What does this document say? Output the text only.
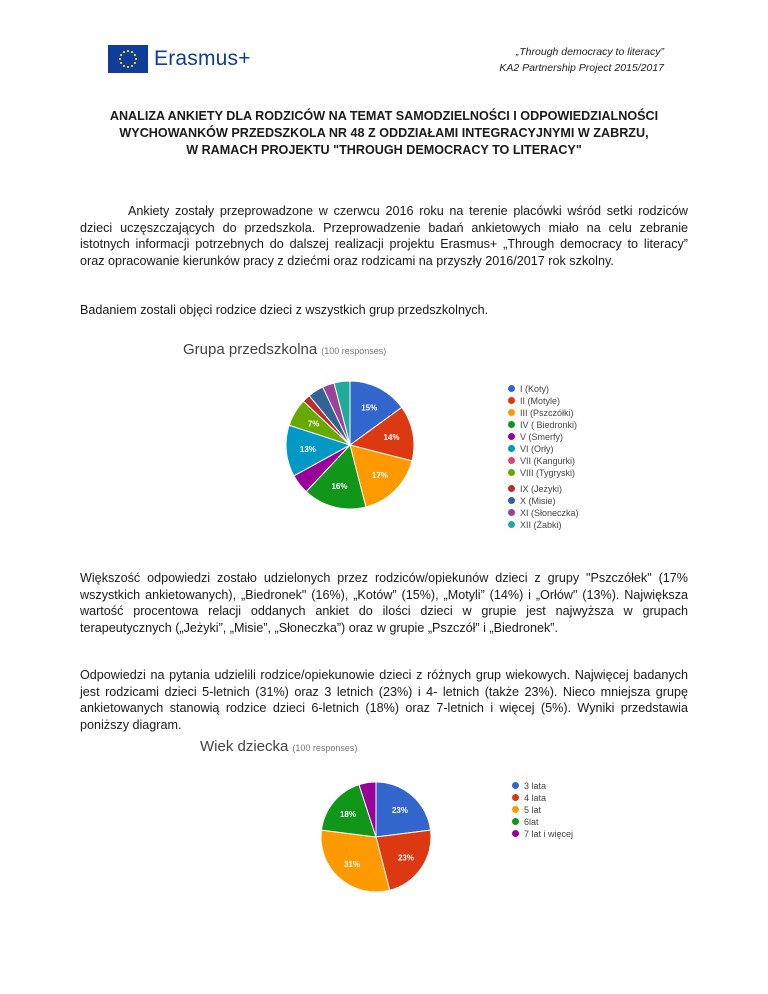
Erasmus+	„Through democracy to literacy”
KA2 Partnership Project 2015/2017
ANALIZA ANKIETY DLA RODZICÓW NA TEMAT SAMODZIELNOŚCI I ODPOWIEDZIALNOŚCI
WYCHOWANKÓW PRZEDSZKOLA NR 48 Z ODDZIAŁAMI INTEGRACYJNYMI W ZABRZU,
W RAMACH PROJEKTU "THROUGH DEMOCRACY TO LITERACY"
Ankiety zostały przeprowadzone w czerwcu 2016 roku na terenie placówki wśród setki rodziców dzieci uczęszczających do przedszkola. Przeprowadzenie badań ankietowych miało na celu zebranie istotnych informacji potrzebnych do dalszej realizacji projektu Erasmus+ „Through democracy to literacy” oraz opracowanie kierunków pracy z dziećmi oraz rodzicami na przyszły 2016/2017 rok szkolny.
Badaniem zostali objęci rodzice dzieci z wszystkich grup przedszkolnych.
Grupa przedszkolna (100 responses)
15%
14%
17%
16%
13%
7%
I (Koty)
II (Motyle)
III (Pszczółki)
IV ( Biedronki)
V (Smerfy)
VI (Orły)
VII (Kangurki)
VIII (Tygryski)
IX (Jeżyki)
X (Misie)
XI (Słoneczka)
XII (Żabki)
Większość odpowiedzi zostało udzielonych przez rodziców/opiekunów dzieci z grupy "Pszczółek" (17% wszystkich ankietowanych), „Biedronek" (16%), „Kotów” (15%), „Motyli” (14%) i „Orłów" (13%). Największa wartość procentowa relacji oddanych ankiet do ilości dzieci w grupie jest najwyższa w grupach terapeutycznych („Jeżyki”, „Misie”, „Słoneczka”) oraz w grupie „Pszczół” i „Biedronek”.
Odpowiedzi na pytania udzielili rodzice/opiekunowie dzieci z różnych grup wiekowych. Najwięcej badanych jest rodzicami dzieci 5-letnich (31%) oraz 3 letnich (23%) i 4- letnich (także 23%). Nieco mniejsza grupę ankietowanych stanowią rodzice dzieci 6-letnich (18%) oraz 7-letnich i więcej (5%). Wyniki przedstawia poniższy diagram.
Wiek dziecka (100 responses)
23%
23%
31%
18%
3 lata
4 lata
5 lat
6lat
7 lat i więcej
